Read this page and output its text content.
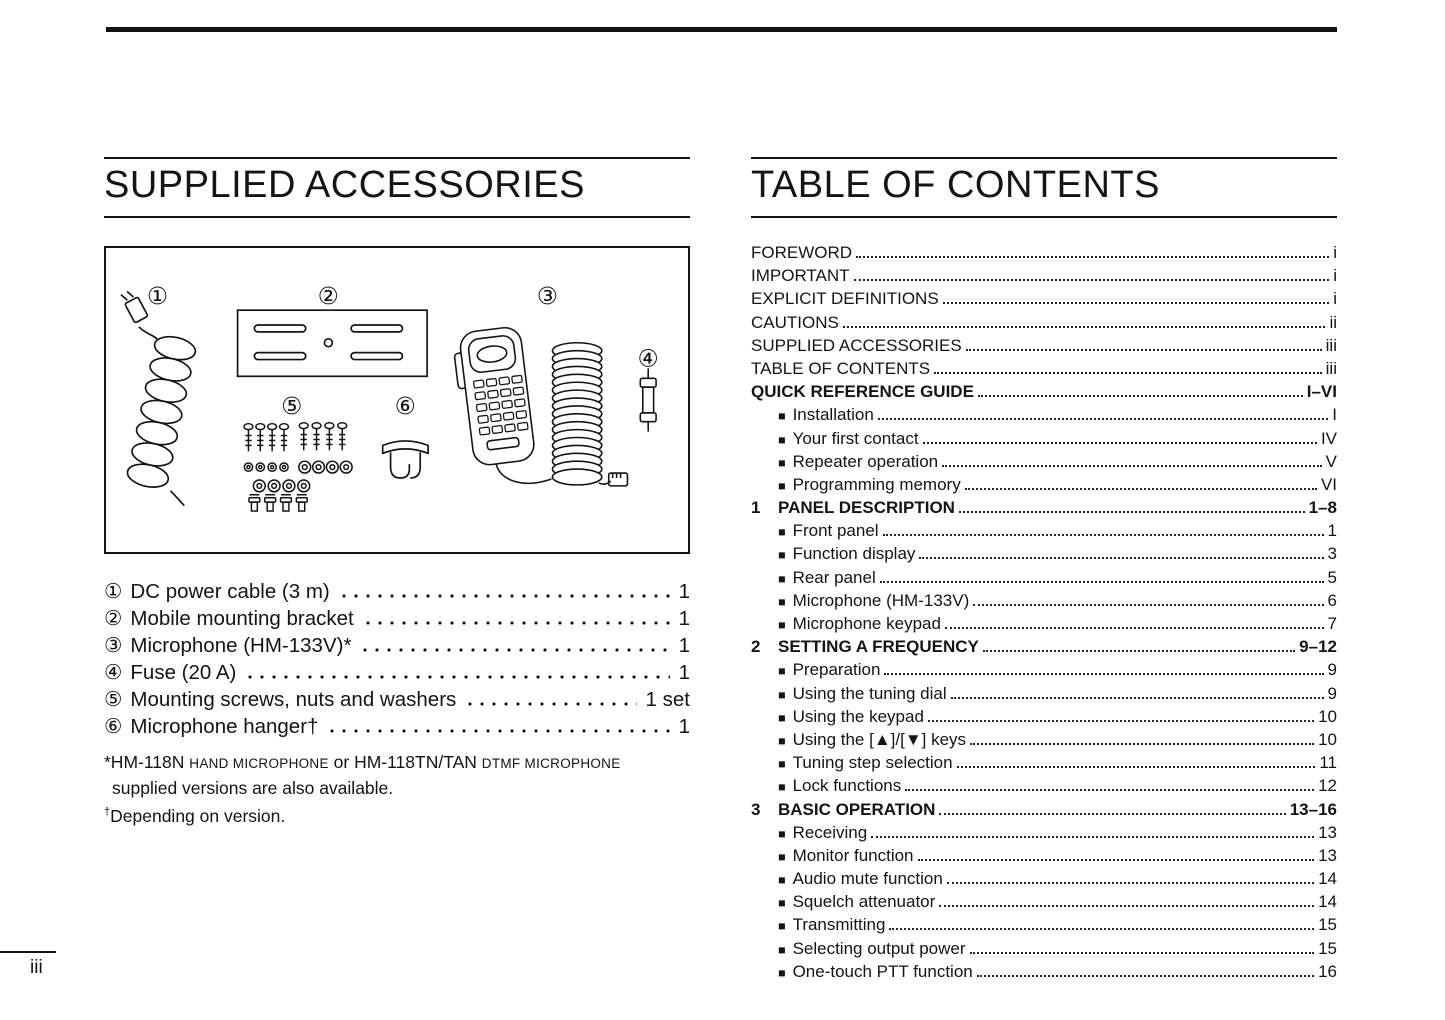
SUPPLIED ACCESSORIES
①	②	③
④
⑤	⑥
① DC power cable (3 m)	1
② Mobile mounting bracket	1
③ Microphone (HM-133V)*	1
④ Fuse (20 A)	1
⑤ Mounting screws, nuts and washers	1 set
⑥ Microphone hanger†	1
*HM-118N HAND MICROPHONE or HM-118TN/TAN DTMF MICROPHONE
supplied versions are also available.
†Depending on version.
TABLE OF CONTENTS
FOREWORD	i
IMPORTANT	i
EXPLICIT DEFINITIONS	i
CAUTIONS	ii
SUPPLIED ACCESSORIES	iii
TABLE OF CONTENTS	iii
QUICK REFERENCE GUIDE	I–VI
■ Installation	I
■ Your first contact	IV
■ Repeater operation	V
■ Programming memory	VI
1	PANEL DESCRIPTION	1–8
■ Front panel	1
■ Function display	3
■ Rear panel	5
■ Microphone (HM-133V)	6
■ Microphone keypad	7
2	SETTING A FREQUENCY	9–12
■ Preparation	9
■ Using the tuning dial	9
■ Using the keypad	10
■ Using the [▲]/[▼] keys	10
■ Tuning step selection	11
■ Lock functions	12
3	BASIC OPERATION	13–16
■ Receiving	13
■ Monitor function	13
■ Audio mute function	14
■ Squelch attenuator	14
■ Transmitting	15
■ Selecting output power	15
■ One-touch PTT function	16
iii
